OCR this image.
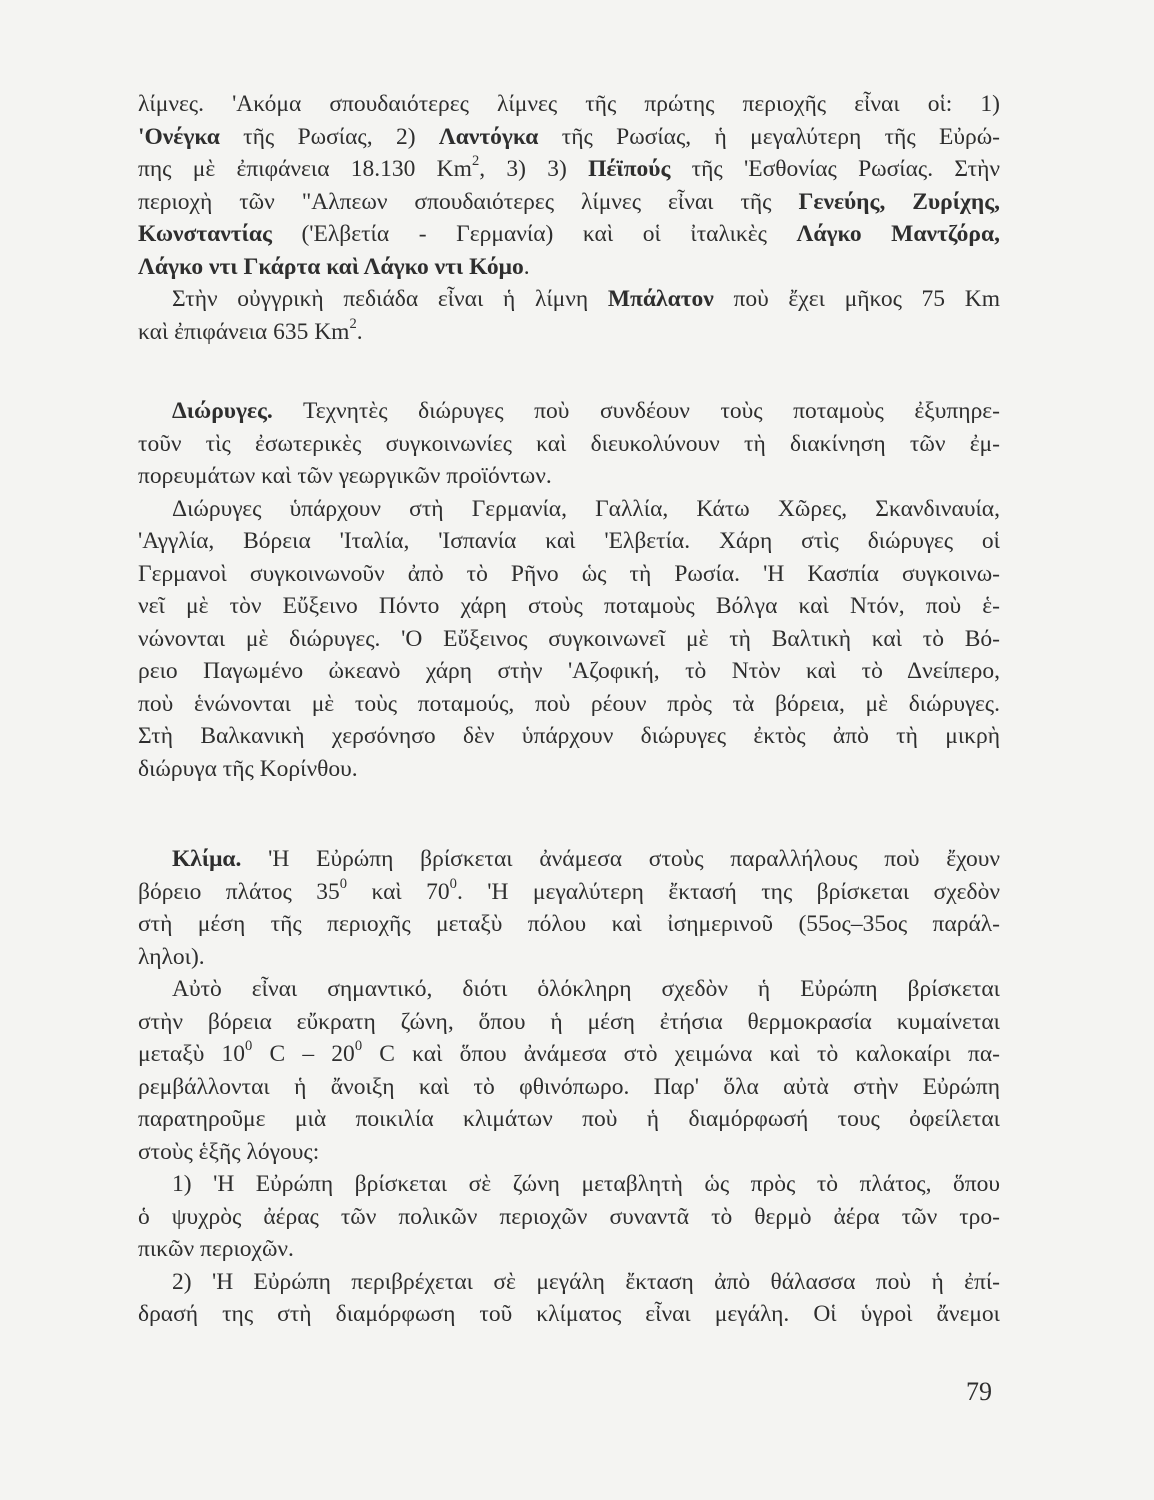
λίμνες. 'Ακόμα σπουδαιότερες λίμνες τῆς πρώτης περιοχῆς εἶναι οἱ: 1)
'Ονέγκα τῆς Ρωσίας, 2) Λαντόγκα τῆς Ρωσίας, ἡ μεγαλύτερη τῆς Εὐρώ-
πης μὲ ἐπιφάνεια 18.130 Km$^2$, 3) 3) Πέϊπούς τῆς 'Εσθονίας Ρωσίας. Στὴν
περιοχὴ τῶν "Αλπεων σπουδαιότερες λίμνες εἶναι τῆς Γενεύης, Ζυρίχης,
Κωνσταντίας ('Ελβετία - Γερμανία) καὶ οἱ ἰταλικὲς Λάγκο Μαντζόρα,
Λάγκο ντι Γκάρτα καὶ Λάγκο ντι Κόμο.
Στὴν οὐγγρικὴ πεδιάδα εἶναι ἡ λίμνη Μπάλατον ποὺ ἔχει μῆκος 75 Km
καὶ ἐπιφάνεια 635 Km$^2$.
Διώρυγες. Τεχνητὲς διώρυγες ποὺ συνδέουν τοὺς ποταμοὺς ἐξυπηρε-
τοῦν τὶς ἐσωτερικὲς συγκοινωνίες καὶ διευκολύνουν τὴ διακίνηση τῶν ἐμ-
πορευμάτων καὶ τῶν γεωργικῶν προϊόντων.
Διώρυγες ὑπάρχουν στὴ Γερμανία, Γαλλία, Κάτω Χῶρες, Σκανδιναυία,
'Αγγλία, Βόρεια 'Ιταλία, 'Ισπανία καὶ 'Ελβετία. Χάρη στὶς διώρυγες οἱ
Γερμανοὶ συγκοινωνοῦν ἀπὸ τὸ Ρῆνο ὡς τὴ Ρωσία. 'Η Κασπία συγκοινω-
νεῖ μὲ τὸν Εὔξεινο Πόντο χάρη στοὺς ποταμοὺς Βόλγα καὶ Ντόν, ποὺ ἑ-
νώνονται μὲ διώρυγες. 'Ο Εὔξεινος συγκοινωνεῖ μὲ τὴ Βαλτικὴ καὶ τὸ Βό-
ρειο Παγωμένο ὠκεανὸ χάρη στὴν 'Αζοφική, τὸ Ντὸν καὶ τὸ Δνείπερο,
ποὺ ἑνώνονται μὲ τοὺς ποταμούς, ποὺ ρέουν πρὸς τὰ βόρεια, μὲ διώρυγες.
Στὴ Βαλκανικὴ χερσόνησο δὲν ὑπάρχουν διώρυγες ἐκτὸς ἀπὸ τὴ μικρὴ
διώρυγα τῆς Κορίνθου.
Κλίμα. 'Η Εὐρώπη βρίσκεται ἀνάμεσα στοὺς παραλλήλους ποὺ ἔχουν
βόρειο πλάτος $35^0$ καὶ $70^0$. 'Η μεγαλύτερη ἔκτασή της βρίσκεται σχεδὸν
στὴ μέση τῆς περιοχῆς μεταξὺ πόλου καὶ ἰσημερινοῦ (55ος–35ος παράλ-
ληλοι).
Αὐτὸ εἶναι σημαντικό, διότι ὁλόκληρη σχεδὸν ἡ Εὐρώπη βρίσκεται
στὴν βόρεια εὔκρατη ζώνη, ὅπου ἡ μέση ἐτήσια θερμοκρασία κυμαίνεται
μεταξὺ $10^0$ C – $20^0$ C καὶ ὅπου ἀνάμεσα στὸ χειμώνα καὶ τὸ καλοκαίρι πα-
ρεμβάλλονται ἡ ἄνοιξη καὶ τὸ φθινόπωρο. Παρ' ὅλα αὐτὰ στὴν Εὐρώπη
παρατηροῦμε μιὰ ποικιλία κλιμάτων ποὺ ἡ διαμόρφωσή τους ὀφείλεται
στοὺς ἑξῆς λόγους:
1) 'Η Εὐρώπη βρίσκεται σὲ ζώνη μεταβλητὴ ὡς πρὸς τὸ πλάτος, ὅπου
ὁ ψυχρὸς ἀέρας τῶν πολικῶν περιοχῶν συναντᾶ τὸ θερμὸ ἀέρα τῶν τρο-
πικῶν περιοχῶν.
2) 'Η Εὐρώπη περιβρέχεται σὲ μεγάλη ἔκταση ἀπὸ θάλασσα ποὺ ἡ ἐπί-
δρασή της στὴ διαμόρφωση τοῦ κλίματος εἶναι μεγάλη. Οἱ ὑγροὶ ἄνεμοι
79
